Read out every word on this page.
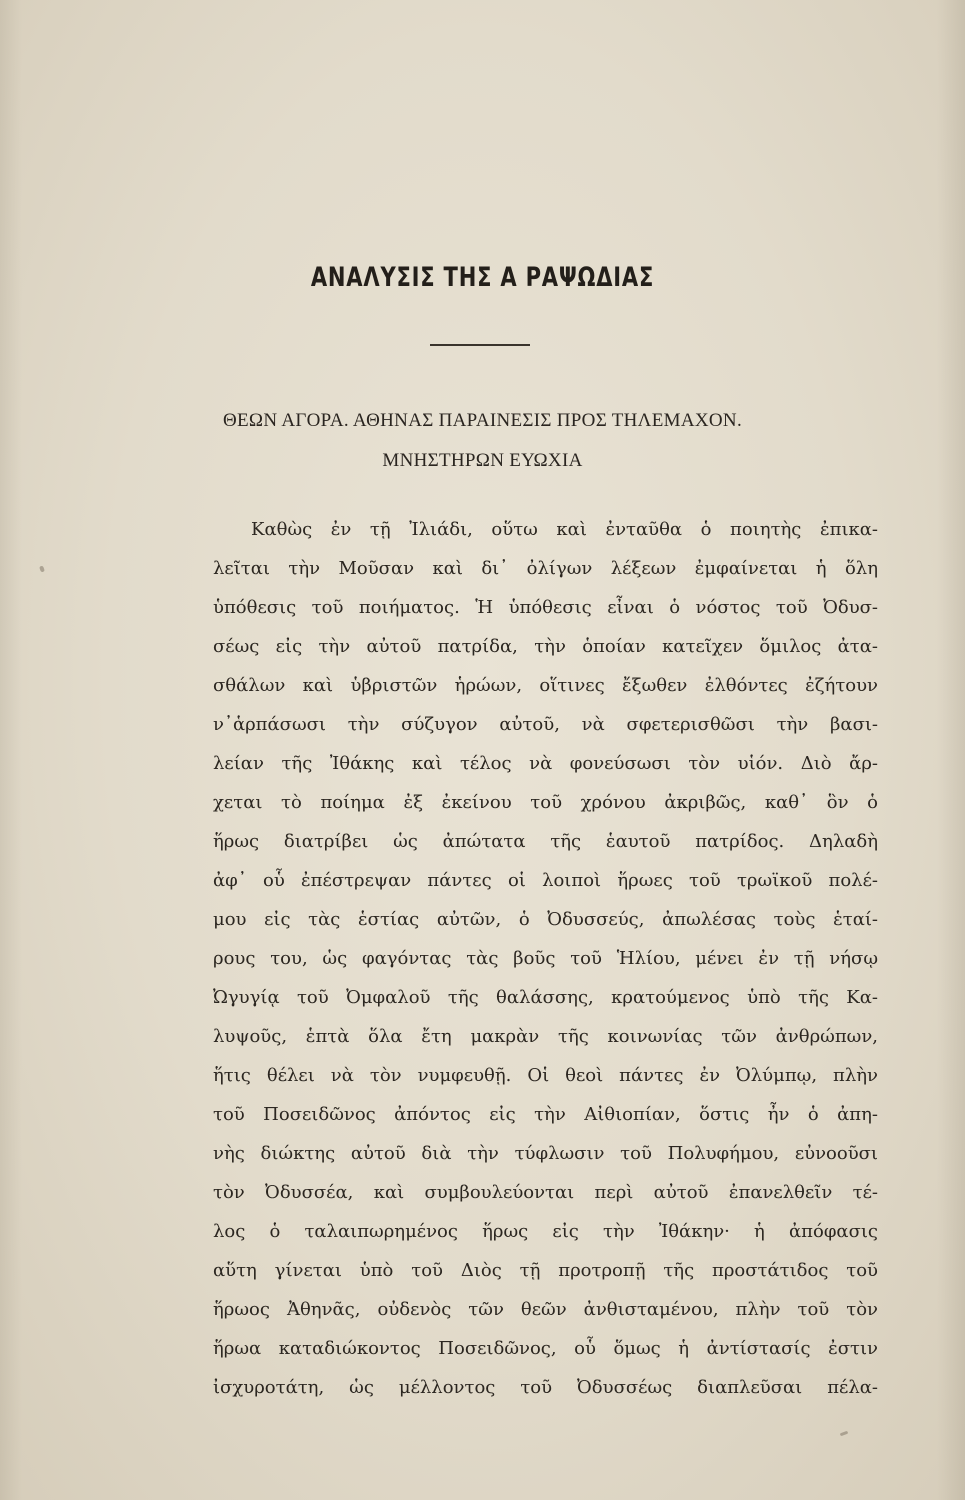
ΑΝΑΛΥΣΙΣ ΤΗΣ Α ΡΑΨΩΔΙΑΣ
ΘΕΩΝ ΑΓΟΡΑ. ΑΘΗΝΑΣ ΠΑΡΑΙΝΕΣΙΣ ΠΡΟΣ ΤΗΛΕΜΑΧΟΝ.
ΜΝΗΣΤΗΡΩΝ ΕΥΩΧΙΑ
Καθὼς ἐν τῇ Ἰλιάδι, οὕτω καὶ ἐνταῦθα ὁ ποιητὴς ἐπικα-
λεῖται τὴν Μοῦσαν καὶ δι᾽ ὀλίγων λέξεων ἐμφαίνεται ἡ ὅλη
ὑπόθεσις τοῦ ποιήματος. Ἡ ὑπόθεσις εἶναι ὁ νόστος τοῦ Ὀδυσ-
σέως εἰς τὴν αὐτοῦ πατρίδα, τὴν ὁποίαν κατεῖχεν ὅμιλος ἀτα-
σθάλων καὶ ὑβριστῶν ἡρώων, οἵτινες ἔξωθεν ἐλθόντες ἐζήτουν
ν᾽ἁρπάσωσι τὴν σύζυγον αὐτοῦ, νὰ σφετερισθῶσι τὴν βασι-
λείαν τῆς Ἰθάκης καὶ τέλος νὰ φονεύσωσι τὸν υἱόν. Διὸ ἄρ-
χεται τὸ ποίημα ἐξ ἐκείνου τοῦ χρόνου ἀκριβῶς, καθ᾽ ὃν ὁ
ἥρως διατρίβει ὡς ἀπώτατα τῆς ἑαυτοῦ πατρίδος. Δηλαδὴ
ἀφ᾽ οὗ ἐπέστρεψαν πάντες οἱ λοιποὶ ἥρωες τοῦ τρωϊκοῦ πολέ-
μου εἰς τὰς ἑστίας αὐτῶν, ὁ Ὀδυσσεύς, ἀπωλέσας τοὺς ἑταί-
ρους του, ὡς φαγόντας τὰς βοῦς τοῦ Ἡλίου, μένει ἐν τῇ νήσῳ
Ὠγυγίᾳ τοῦ Ὀμφαλοῦ τῆς θαλάσσης, κρατούμενος ὑπὸ τῆς Κα-
λυψοῦς, ἑπτὰ ὅλα ἔτη μακρὰν τῆς κοινωνίας τῶν ἀνθρώπων,
ἥτις θέλει νὰ τὸν νυμφευθῇ. Οἱ θεοὶ πάντες ἐν Ὀλύμπῳ, πλὴν
τοῦ Ποσειδῶνος ἀπόντος εἰς τὴν Αἰθιοπίαν, ὅστις ἦν ὁ ἀπη-
νὴς διώκτης αὐτοῦ διὰ τὴν τύφλωσιν τοῦ Πολυφήμου, εὐνοοῦσι
τὸν Ὀδυσσέα, καὶ συμβουλεύονται περὶ αὐτοῦ ἐπανελθεῖν τέ-
λος ὁ ταλαιπωρημένος ἥρως εἰς τὴν Ἰθάκην· ἡ ἀπόφασις
αὕτη γίνεται ὑπὸ τοῦ Διὸς τῇ προτροπῇ τῆς προστάτιδος τοῦ
ἥρωος Ἀθηνᾶς, οὐδενὸς τῶν θεῶν ἀνθισταμένου, πλὴν τοῦ τὸν
ἥρωα καταδιώκοντος Ποσειδῶνος, οὗ ὅμως ἡ ἀντίστασίς ἐστιν
ἰσχυροτάτη, ὡς μέλλοντος τοῦ Ὀδυσσέως διαπλεῦσαι πέλα-
